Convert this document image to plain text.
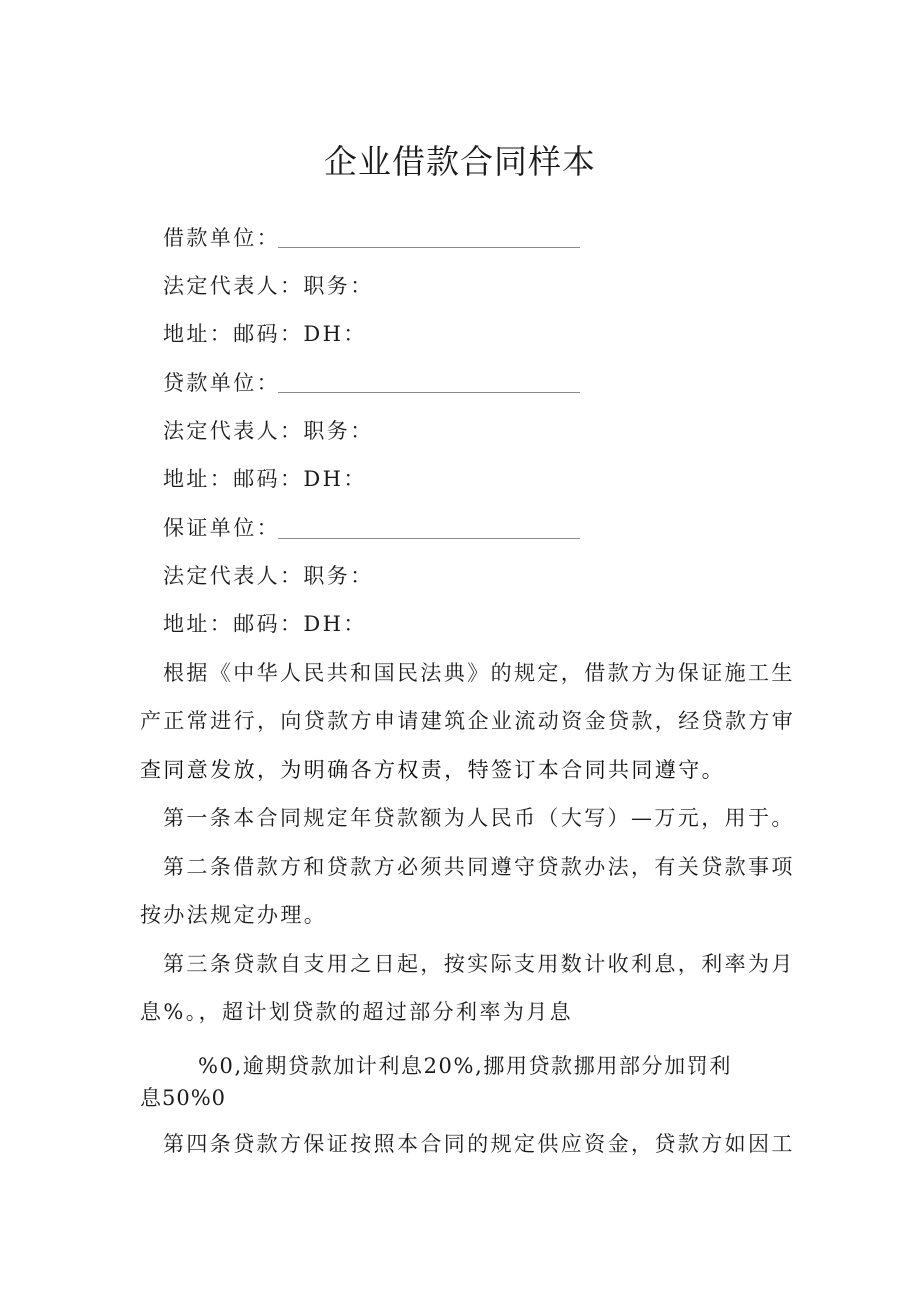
企业借款合同样本
借款单位：
法定代表人：职务：
地址：邮码：DH：
贷款单位：
法定代表人：职务：
地址：邮码：DH：
保证单位：
法定代表人：职务：
地址：邮码：DH：
根据《中华人民共和国民法典》的规定，借款方为保证施工生
产正常进行，向贷款方申请建筑企业流动资金贷款，经贷款方审
查同意发放，为明确各方权责，特签订本合同共同遵守。
第一条本合同规定年贷款额为人民币（大写）—万元，用于。
第二条借款方和贷款方必须共同遵守贷款办法，有关贷款事项
按办法规定办理。
第三条贷款自支用之日起，按实际支用数计收利息，利率为月
息%。，超计划贷款的超过部分利率为月息
%0,逾期贷款加计利息20%,挪用贷款挪用部分加罚利
息50%0
第四条贷款方保证按照本合同的规定供应资金，贷款方如因工
